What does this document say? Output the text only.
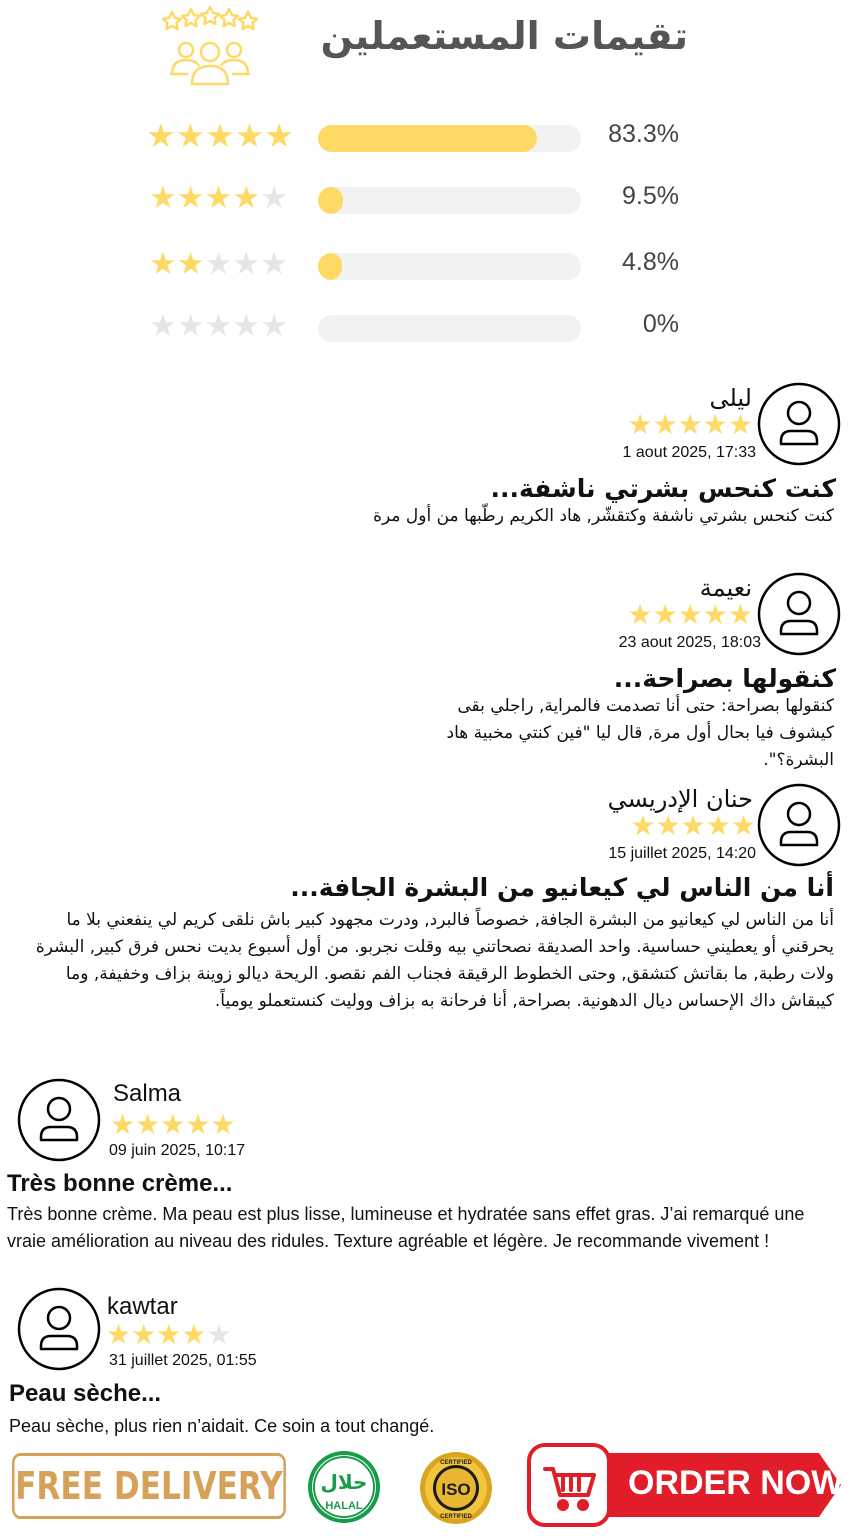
تقيمات المستعملين
★ ★ ★ ★ ★	83.3%
★ ★ ★ ★ ★	9.5%
★ ★ ★ ★ ★	4.8%
★ ★ ★ ★ ★	0%
ليلى
★ ★ ★ ★ ★
1 aout 2025, 17:33
كنت كنحس بشرتي ناشفة...
كنت كنحس بشرتي ناشفة وكتقشّر, هاد الكريم رطّبها من أول مرة
نعيمة
★ ★ ★ ★ ★
23 aout 2025, 18:03
كنقولها بصراحة...
كنقولها بصراحة: حتى أنا تصدمت فالمراية, راجلي بقى كيشوف فيا بحال أول مرة, قال ليا "فين كنتي مخبية هاد البشرة؟".
حنان الإدريسي
★ ★ ★ ★ ★
15 juillet 2025, 14:20
أنا من الناس لي كيعانيو من البشرة الجافة...
أنا من الناس لي كيعانيو من البشرة الجافة, خصوصاً فالبرد, ودرت مجهود كبير باش نلقى كريم لي ينفعني بلا ما يحرقني أو يعطيني حساسية. واحد الصديقة نصحاتني بيه وقلت نجربو. من أول أسبوع بديت نحس فرق كبير, البشرة ولات رطبة, ما بقاتش كتشقق, وحتى الخطوط الرقيقة فجناب الفم نقصو. الريحة ديالو زوينة بزاف وخفيفة, وما كيبقاش داك الإحساس ديال الدهونية. بصراحة, أنا فرحانة به بزاف ووليت كنستعملو يومياً.
Salma
★ ★ ★ ★ ★
09 juin 2025, 10:17
Très bonne crème...
Très bonne crème. Ma peau est plus lisse, lumineuse et hydratée sans effet gras. J’ai remarqué une vraie amélioration au niveau des ridules. Texture agréable et légère. Je recommande vivement !
kawtar
★ ★ ★ ★ ★
31 juillet 2025, 01:55
Peau sèche...
Peau sèche, plus rien n’aidait. Ce soin a tout changé.
FREE DELIVERY حلال
HALAL
CERTIFIED
ISO
CERTIFIED
ORDER NOW
